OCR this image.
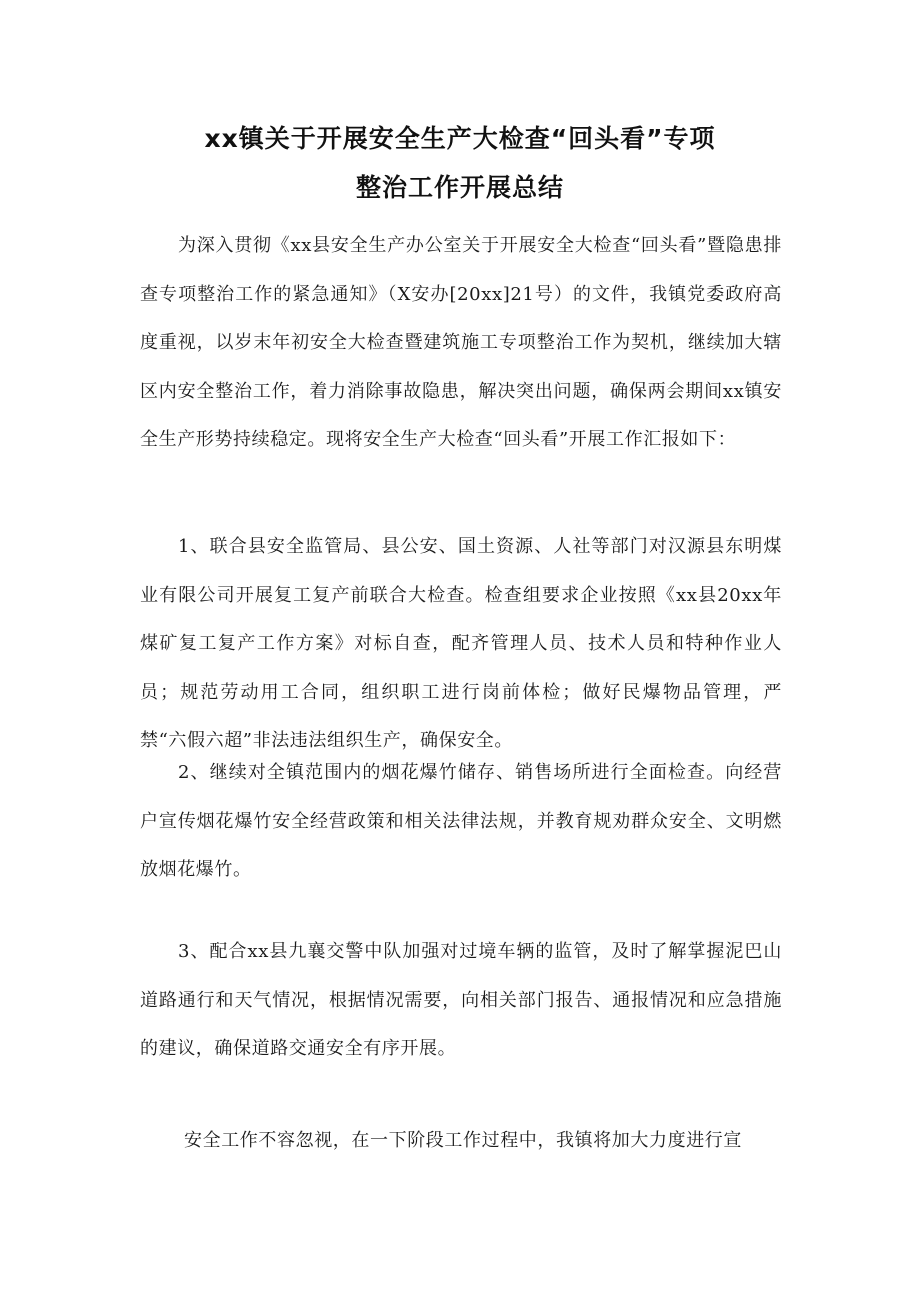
xx镇关于开展安全生产大检查“回头看”专项
整治工作开展总结

为深入贯彻《xx县安全生产办公室关于开展安全大检查“回头看”暨隐患排查专项整治工作的紧急通知》（X安办[20xx]21号）的文件，我镇党委政府高度重视，以岁末年初安全大检查暨建筑施工专项整治工作为契机，继续加大辖区内安全整治工作，着力消除事故隐患，解决突出问题，确保两会期间xx镇安全生产形势持续稳定。现将安全生产大检查“回头看”开展工作汇报如下：

1、联合县安全监管局、县公安、国土资源、人社等部门对汉源县东明煤业有限公司开展复工复产前联合大检查。检查组要求企业按照《xx县20xx年煤矿复工复产工作方案》对标自查，配齐管理人员、技术人员和特种作业人员；规范劳动用工合同，组织职工进行岗前体检；做好民爆物品管理，严禁“六假六超”非法违法组织生产，确保安全。

2、继续对全镇范围内的烟花爆竹储存、销售场所进行全面检查。向经营户宣传烟花爆竹安全经营政策和相关法律法规，并教育规劝群众安全、文明燃放烟花爆竹。

3、配合xx县九襄交警中队加强对过境车辆的监管，及时了解掌握泥巴山道路通行和天气情况，根据情况需要，向相关部门报告、通报情况和应急措施的建议，确保道路交通安全有序开展。

安全工作不容忽视，在一下阶段工作过程中，我镇将加大力度进行宣
